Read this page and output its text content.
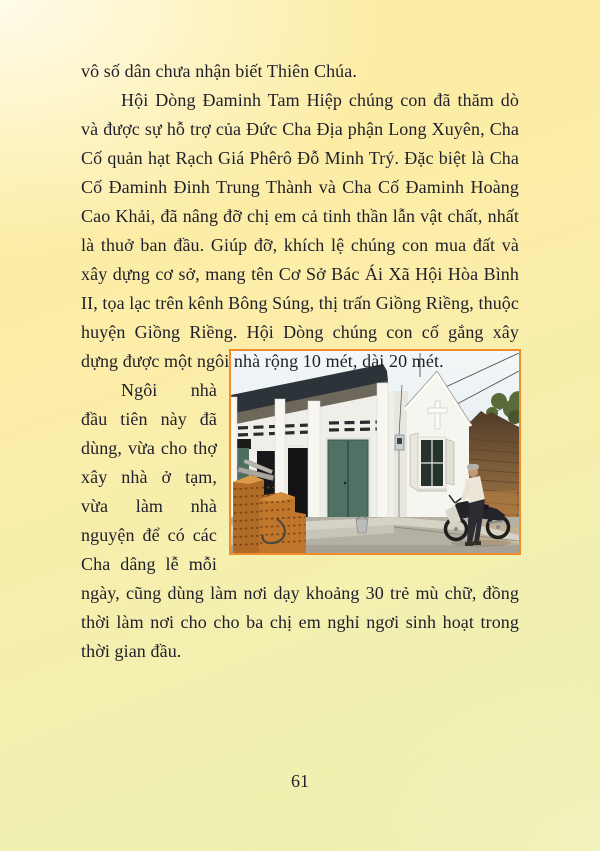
vô số dân chưa nhận biết Thiên Chúa.

Hội Dòng Đaminh Tam Hiệp chúng con đã thăm dò và được sự hỗ trợ của Đức Cha Địa phận Long Xuyên, Cha Cố quản hạt Rạch Giá Phêrô Đỗ Minh Trý. Đặc biệt là Cha Cố Đaminh Đinh Trung Thành và Cha Cố Đaminh Hoàng Cao Khải, đã nâng đỡ chị em cả tinh thần lẫn vật chất, nhất là thuở ban đầu. Giúp đỡ, khích lệ chúng con mua đất và xây dựng cơ sở, mang tên Cơ Sở Bác Ái Xã Hội Hòa Bình II, tọa lạc trên kênh Bông Súng, thị trấn Giồng Riềng, thuộc huyện Giồng Riềng. Hội Dòng chúng con cố gắng xây dựng được một ngôi nhà rộng 10 mét, dài 20 mét.

Ngôi nhà đầu tiên này đã dùng, vừa cho thợ xây nhà ở tạm, vừa làm nhà nguyện để có các Cha dâng lễ mỗi ngày, cũng dùng làm nơi dạy khoảng 30 trẻ mù chữ, đồng thời làm nơi cho cho ba chị em nghỉ ngơi sinh hoạt trong thời gian đầu.

61
